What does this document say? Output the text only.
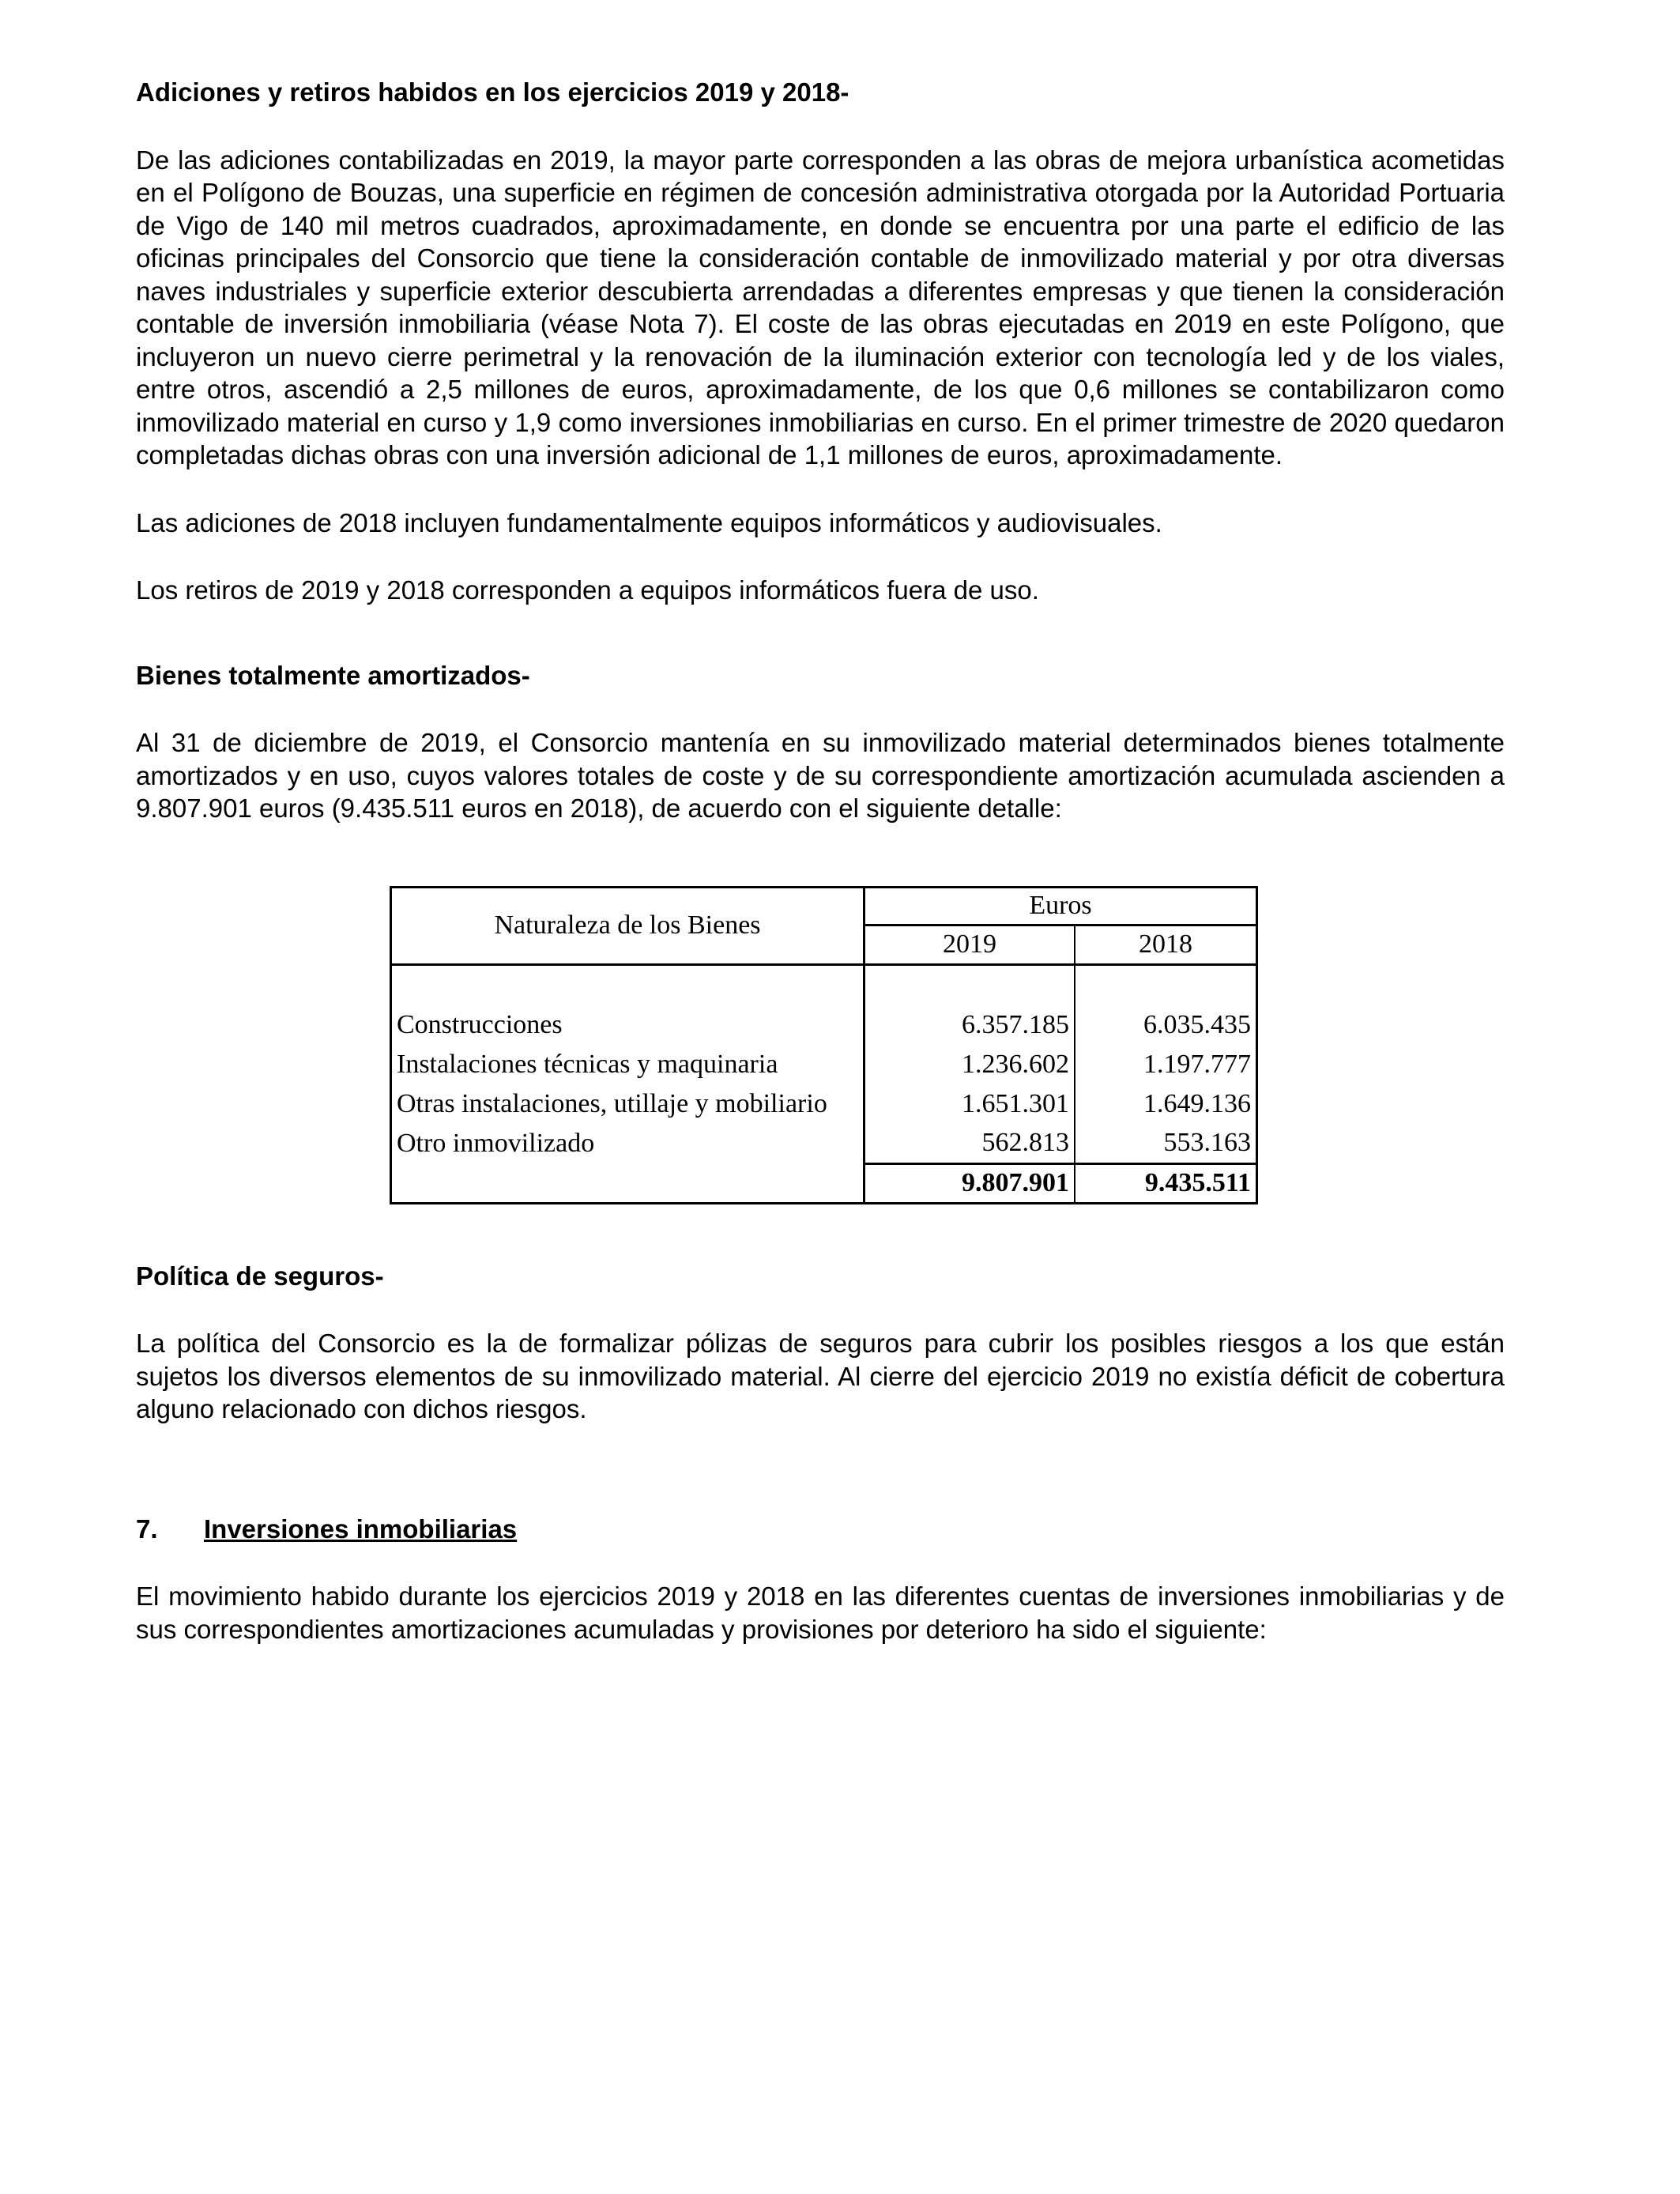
Adiciones y retiros habidos en los ejercicios 2019 y 2018-

De las adiciones contabilizadas en 2019, la mayor parte corresponden a las obras de mejora urbanística acometidas en el Polígono de Bouzas, una superficie en régimen de concesión administrativa otorgada por la Autoridad Portuaria de Vigo de 140 mil metros cuadrados, aproximadamente, en donde se encuentra por una parte el edificio de las oficinas principales del Consorcio que tiene la consideración contable de inmovilizado material y por otra diversas naves industriales y superficie exterior descubierta arrendadas a diferentes empresas y que tienen la consideración contable de inversión inmobiliaria (véase Nota 7). El coste de las obras ejecutadas en 2019 en este Polígono, que incluyeron un nuevo cierre perimetral y la renovación de la iluminación exterior con tecnología led y de los viales, entre otros, ascendió a 2,5 millones de euros, aproximadamente, de los que 0,6 millones se contabilizaron como inmovilizado material en curso y 1,9 como inversiones inmobiliarias en curso. En el primer trimestre de 2020 quedaron completadas dichas obras con una inversión adicional de 1,1 millones de euros, aproximadamente.

Las adiciones de 2018 incluyen fundamentalmente equipos informáticos y audiovisuales.

Los retiros de 2019 y 2018 corresponden a equipos informáticos fuera de uso.

Bienes totalmente amortizados-

Al 31 de diciembre de 2019, el Consorcio mantenía en su inmovilizado material determinados bienes totalmente amortizados y en uso, cuyos valores totales de coste y de su correspondiente amortización acumulada ascienden a 9.807.901 euros (9.435.511 euros en 2018), de acuerdo con el siguiente detalle:

Naturaleza de los Bienes	Euros	
	2019	2018

Construcciones	6.357.185	6.035.435
Instalaciones técnicas y maquinaria	1.236.602	1.197.777
Otras instalaciones, utillaje y mobiliario	1.651.301	1.649.136
Otro inmovilizado	562.813	553.163
	9.807.901	9.435.511
Política de seguros-

La política del Consorcio es la de formalizar pólizas de seguros para cubrir los posibles riesgos a los que están sujetos los diversos elementos de su inmovilizado material. Al cierre del ejercicio 2019 no existía déficit de cobertura alguno relacionado con dichos riesgos.

7. Inversiones inmobiliarias

El movimiento habido durante los ejercicios 2019 y 2018 en las diferentes cuentas de inversiones inmobiliarias y de sus correspondientes amortizaciones acumuladas y provisiones por deterioro ha sido el siguiente:
